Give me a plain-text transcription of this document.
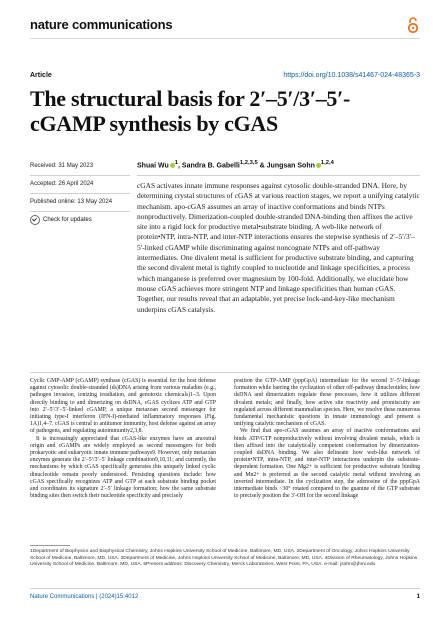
nature communications
Article	https://doi.org/10.1038/s41467-024-48365-3
The structural basis for 2′–5′/3′–5′-cGAMP synthesis by cGAS
Received: 31 May 2023
Accepted: 26 April 2024
Published online: 13 May 2024
Check for updates
Shuai Wu $^1$, Sandra B. Gabelli$^{1,2,3,5}$ & Jungsan Sohn $^{1,2,4}$

cGAS activates innate immune responses against cytosolic double-stranded DNA. Here, by determining crystal structures of cGAS at various reaction stages, we report a unifying catalytic mechanism. apo-cGAS assumes an array of inactive conformations and binds NTPs nonproductively. Dimerization-coupled double-stranded DNA-binding then affixes the active site into a rigid lock for productive metal•substrate binding. A web-like network of protein•NTP, intra-NTP, and inter-NTP interactions ensures the stepwise synthesis of 2′–5′/3′–5′-linked cGAMP while discriminating against noncognate NTPs and off-pathway intermediates. One divalent metal is sufficient for productive substrate binding, and capturing the second divalent metal is tightly coupled to nucleotide and linkage specificities, a process which manganese is preferred over magnesium by 100-fold. Additionally, we elucidate how mouse cGAS achieves more stringent NTP and linkage specificities than human cGAS. Together, our results reveal that an adaptable, yet precise lock-and-key-like mechanism underpins cGAS catalysis.

Cyclic GMP-AMP (cGAMP) synthase (cGAS) is essential for the host defense against cytosolic double-stranded (ds)DNA arising from various maladies (e.g., pathogen invasion, ionizing irradiation, and genotoxic chemicals)1–3. Upon directly binding to and dimerizing on dsDNA, cGAS cyclizes ATP and GTP into 2′–5′/3′–5′-linked cGAMP, a unique metazoan second messenger for initiating type-I interferon (IFN-I)-mediated inflammatory responses (Fig. 1A)1,4–7. cGAS is central to antitumor immunity, host defense against an array of pathogens, and regulating autoimmunity2,3,8.

It is increasingly appreciated that cGAS-like enzymes have an ancestral origin and cGAMPs are widely employed as second messengers for both prokaryotic and eukaryotic innate immune pathways9. However, only metazoan enzymes generate the 2′–5′/3′–5′ linkage combination9,10,11; and currently, the mechanisms by which cGAS specifically generates this uniquely linked cyclic dinucleotide remain poorly understood. Persisting questions include: how cGAS specifically recognizes ATP and GTP at each substrate binding pocket and coordinates its signature 2′–5′ linkage formation; how the same substrate binding sites then switch their nucleotide specificity and precisely

position the GTP-AMP (pppGpA) intermediate for the second 3′–5′-linkage formation while barring the cyclization of other off-pathway dinucleotides; how dsDNA and dimerization regulate these processes, how it utilizes different divalent metals; and finally, how active site reactivity and promiscuity are regulated across different mammalian species. Here, we resolve these numerous fundamental mechanistic questions in innate immunology and present a unifying catalytic mechanism of cGAS.

We find that apo-cGAS assumes an array of inactive conformations and binds ATP/GTP nonproductively without involving divalent metals, which is then affixed into the catalytically competent conformation by dimerization-coupled dsDNA binding. We also delineate how web-like network of protein•NTP, intra-NTP, and inter-NTP interactions underpin the substrate-dependent formation. One Mg2+ is sufficient for productive substrate binding and Mn2+ is preferred as the second catalytic metal without involving an inverted intermediate. In the cyclization step, the adenosine of the pppGpA intermediate binds ~30° rotated compared to the guanine of the GTP substrate to precisely position the 3′-OH for the second linkage

1Department of Biophysics and Biophysical Chemistry, Johns Hopkins University School of Medicine, Baltimore, MD, USA. 2Department of Oncology, Johns Hopkins University School of Medicine, Baltimore, MD, USA. 3Department of Medicine, Johns Hopkins University School of Medicine, Baltimore, MD, USA. 4Division of Rheumatology, Johns Hopkins University School of Medicine, Baltimore, MD, USA. 5Present address: Discovery Chemistry, Merck Laboratories, West Point, PA, USA. e-mail: jsohn@jhmi.edu

Nature Communications | (2024)15:4012	1
